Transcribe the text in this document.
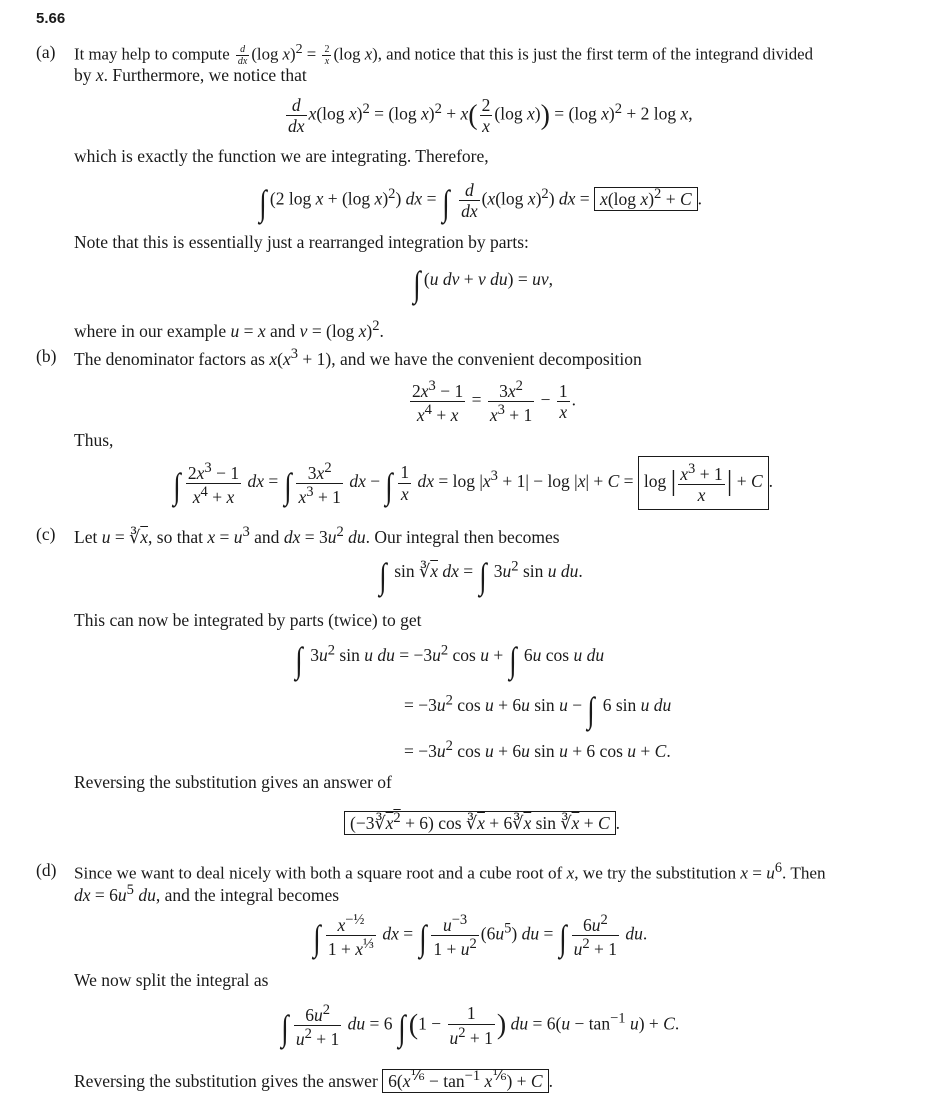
5.66
(a) It may help to compute $\frac{d}{dx} (\log$ $x)^2 = \frac{2}{x} (\log$ x), and notice that this is just the first term of the integrand divided
by x. Furthermore, we notice that
$\frac{d}{dx} x(\log$ x)$^2$ = (log $x)^2 + x( \frac{2}{x} (\log$ x)) = (log x)$^2$ + 2 log x,
which is exactly the function we are integrating. Therefore,
∫ (2 log x + (log x)$^2$) dx = ∫ $\frac{d}{dx} (x(\log$ x)$^2$) dx = x(log x)$^2$ + C .
Note that this is essentially just a rearranged integration by parts:
∫ (u dv + v du) = uv,
where in our example u = x and v = (log x)$^2$.
(b) The denominator factors as $x(x^3 + 1)$, and we have the convenient decomposition
$\frac{2x^3 - 1}{x^4 + x} = \frac{3x^2}{x^3 + 1} - \frac{1}{x}$ .
Thus,
∫ $\frac{2x^3 - 1}{x^4 + x}$ dx = ∫ $\frac{3x^2}{x^3 + 1}$ dx − ∫ $\frac{1}{x}$ dx = $\log |x^3 + 1| - \log |x| + C = \log$ | $\frac{x^3 + 1}{x}$ | + C .
(c) Let $u = ∛\overline{x}$, so that $x = u^3$ and dx = $3u^2$ du. Our integral then becomes
∫ $\sin ∛\overline{x}$ dx = ∫ $3u^2$ sin u du.
This can now be integrated by parts (twice) to get
∫ $3u^2$ sin u du = $-3u^2$ cos u + ∫ 6u cos u du
= $-3u^2$ cos u + 6u sin u − ∫ 6 sin u du
= $-3u^2$ cos u + 6u sin u + 6 cos u + C.
Reversing the substitution gives an answer of
$(-3∛x^2 + 6)$ $\cos ∛\overline{x}$ + $6∛\overline{x}$ $\sin ∛\overline{x} + C$ .
(d) Since we want to deal nicely with both a square root and a cube root of x, we try the substitution $x = u^6$. Then
dx = $6u^5$ du, and the integral becomes
∫ $\frac{x^{-\frac{1}{2}}}{1 + x^{\frac{1}{3}}}$ dx = ∫ $\frac{u^{-3}}{1 + u^2} (6u^5)$ du = ∫ $\frac{6u^2}{u^2 + 1}$ du.
We now split the integral as
∫ $\frac{6u^2}{u^2 + 1}$ du = 6 ∫ ($1 - \frac{1}{u^2 + 1}$ ) du = $6(u - \tan^{-1} u) + C$.
Reversing the substitution gives the answer $6(x^{\frac{1}{6}} - \tan^{-1} x^{\frac{1}{6}}) + C$ .
